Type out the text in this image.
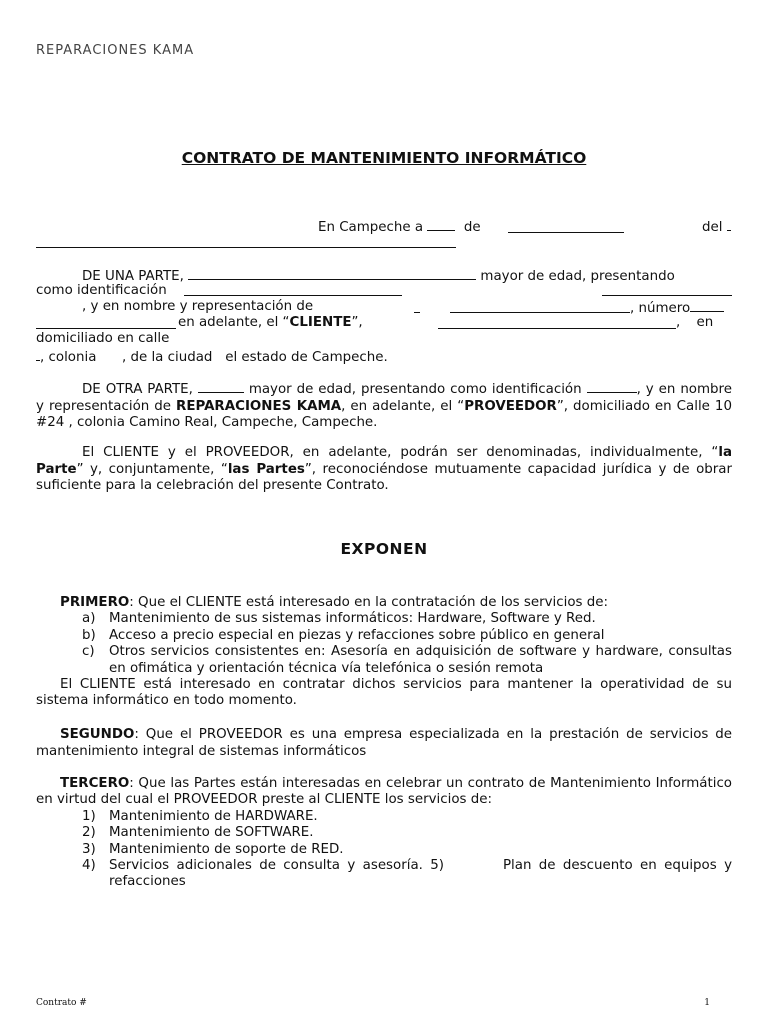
REPARACIONES KAMA
CONTRATO DE MANTENIMIENTO INFORMÁTICO
En Campeche a	de	del
DE UNA PARTE,	mayor de edad, presentando
como identificación
, y en nombre y representación de	, número
en adelante, el “CLIENTE”,	, en
domiciliado en calle
, colonia , de la ciudad el estado de Campeche.
DE OTRA PARTE,	mayor de edad, presentando como identificación	, y en nombre y representación de REPARACIONES KAMA, en adelante, el “PROVEEDOR”, domiciliado en Calle 10 #24 , colonia Camino Real, Campeche, Campeche.
El CLIENTE y el PROVEEDOR, en adelante, podrán ser denominadas, individualmente, “la Parte” y, conjuntamente, “las Partes”, reconociéndose mutuamente capacidad jurídica y de obrar suficiente para la celebración del presente Contrato.
EXPONEN
PRIMERO: Que el CLIENTE está interesado en la contratación de los servicios de:
a) Mantenimiento de sus sistemas informáticos: Hardware, Software y Red.
b) Acceso a precio especial en piezas y refacciones sobre público en general
c) Otros servicios consistentes en: Asesoría en adquisición de software y hardware, consultas en ofimática y orientación técnica vía telefónica o sesión remota
El CLIENTE está interesado en contratar dichos servicios para mantener la operatividad de su sistema informático en todo momento.
SEGUNDO: Que el PROVEEDOR es una empresa especializada en la prestación de servicios de mantenimiento integral de sistemas informáticos
TERCERO: Que las Partes están interesadas en celebrar un contrato de Mantenimiento Informático en virtud del cual el PROVEEDOR preste al CLIENTE los servicios de:
1) Mantenimiento de HARDWARE.
2) Mantenimiento de SOFTWARE.
3) Mantenimiento de soporte de RED.
4) Servicios adicionales de consulta y asesoría. 5)        Plan de descuento en equipos y refacciones
Contrato #	1
